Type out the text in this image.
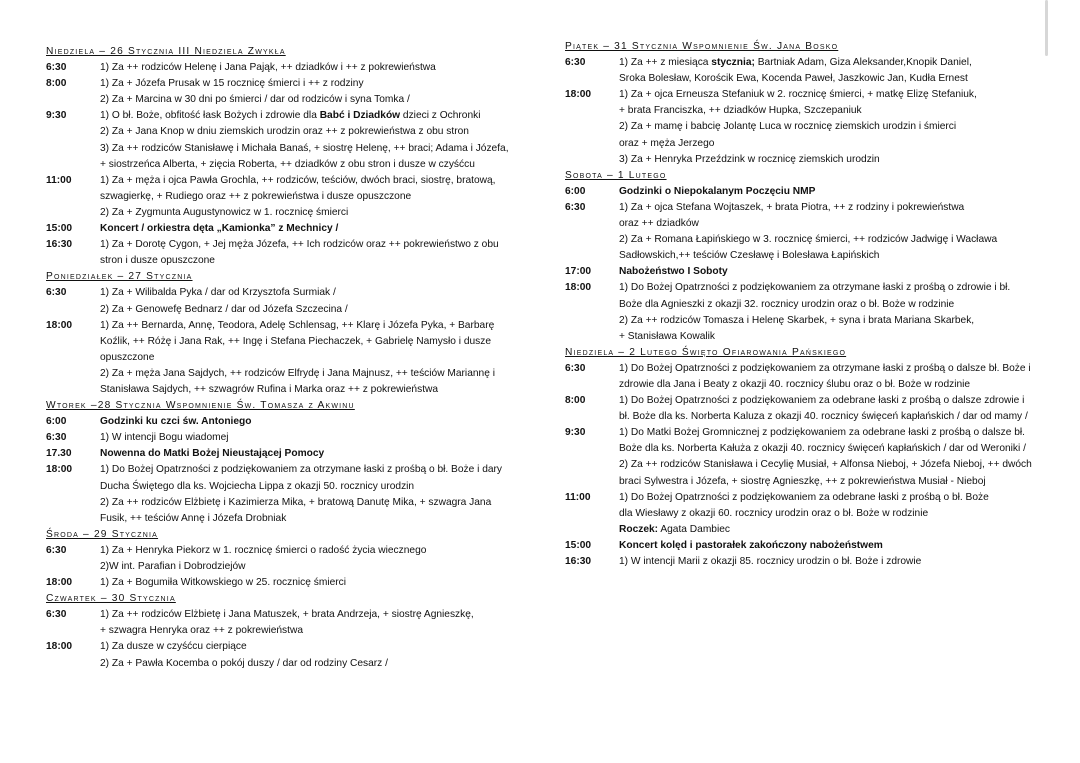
Niedziela – 26 Stycznia III Niedziela Zwykła
6:30	1) Za ++ rodziców Helenę i Jana Pająk, ++ dziadków i ++ z pokrewieństwa
8:00	1) Za + Józefa Prusak w 15 rocznicę śmierci i ++ z rodziny
2) Za + Marcina w 30 dni po śmierci / dar od rodziców i syna Tomka /
9:30	1) O bł. Boże, obfitość łask Bożych i zdrowie dla Babć i Dziadków dzieci z Ochronki
2) Za + Jana Knop w dniu ziemskich urodzin oraz ++ z pokrewieństwa z obu stron
3) Za ++ rodziców Stanisławę i Michała Banaś, + siostrę Helenę, ++ braci; Adama i Józefa,
+ siostrzeńca Alberta, + zięcia Roberta, ++ dziadków z obu stron i dusze w czyśćcu
11:00	1) Za + męża i ojca Pawła Grochla, ++ rodziców, teściów, dwóch braci, siostrę, bratową,
szwagierkę, + Rudiego oraz ++ z pokrewieństwa i dusze opuszczone
2) Za + Zygmunta Augustynowicz w 1. rocznicę śmierci
15:00	Koncert / orkiestra dęta „Kamionka” z Mechnicy /
16:30	1) Za + Dorotę Cygon, + Jej męża Józefa, ++ Ich rodziców oraz ++ pokrewieństwo z obu
stron i dusze opuszczone
Poniedziałek – 27 Stycznia
6:30	1) Za + Wilibalda Pyka / dar od Krzysztofa Surmiak /
2) Za + Genowefę Bednarz / dar od Józefa Szczecina /
18:00	1) Za ++ Bernarda, Annę, Teodora, Adelę Schlensag, ++ Klarę i Józefa Pyka, + Barbarę
Koźlik, ++ Różę i Jana Rak, ++ Ingę i Stefana Piechaczek, + Gabrielę Namysło i dusze
opuszczone
2) Za + męża Jana Sajdych, ++ rodziców Elfrydę i Jana Majnusz, ++ teściów Mariannę i
Stanisława Sajdych, ++ szwagrów Rufina i Marka oraz ++ z pokrewieństwa
Wtorek –28 Stycznia Wspomnienie Św. Tomasza z Akwinu
6:00	Godzinki ku czci św. Antoniego
6:30	1) W intencji Bogu wiadomej
17.30	Nowenna do Matki Bożej Nieustającej Pomocy
18:00	1) Do Bożej Opatrzności z podziękowaniem za otrzymane łaski z prośbą o bł. Boże i dary
Ducha Świętego dla ks. Wojciecha Lippa z okazji 50. rocznicy urodzin
2) Za ++ rodziców Elżbietę i Kazimierza Mika, + bratową Danutę Mika, + szwagra Jana
Fusik, ++ teściów Annę i Józefa Drobniak
Środa – 29 Stycznia
6:30	1) Za + Henryka Piekorz w 1. rocznicę śmierci o radość życia wiecznego
2)W int. Parafian i Dobrodziejów
18:00	1) Za + Bogumiła Witkowskiego w 25. rocznicę śmierci
Czwartek – 30 Stycznia
6:30	1) Za ++ rodziców Elżbietę i Jana Matuszek, + brata Andrzeja, + siostrę Agnieszkę,
+ szwagra Henryka oraz ++ z pokrewieństwa
18:00	1) Za dusze w czyśćcu cierpiące
2) Za + Pawła Kocemba o pokój duszy / dar od rodziny Cesarz /
Piątek – 31 Stycznia Wspomnienie Św. Jana Bosko
6:30	1) Za ++ z miesiąca stycznia; Bartniak Adam, Giza Aleksander,Knopik Daniel,
Sroka Bolesław, Korościk Ewa, Kocenda Paweł, Jaszkowic Jan, Kudła Ernest
18:00	1) Za + ojca Erneusza Stefaniuk w 2. rocznicę śmierci, + matkę Elizę Stefaniuk,
+ brata Franciszka, ++ dziadków Hupka, Szczepaniuk
2) Za + mamę i babcię Jolantę Luca w rocznicę ziemskich urodzin i śmierci
oraz + męża Jerzego
3) Za + Henryka Przeździnk w rocznicę ziemskich urodzin
Sobota – 1 Lutego
6:00	Godzinki o Niepokalanym Poczęciu NMP
6:30	1) Za + ojca Stefana Wojtaszek, + brata Piotra, ++ z rodziny i pokrewieństwa
oraz ++ dziadków
2) Za + Romana Łapińskiego w 3. rocznicę śmierci, ++ rodziców Jadwigę i Wacława
Sadłowskich,++ teściów Czesławę i Bolesława Łapińskich
17:00	Nabożeństwo I Soboty
18:00	1) Do Bożej Opatrzności z podziękowaniem za otrzymane łaski z prośbą o zdrowie i bł.
Boże dla Agnieszki z okazji 32. rocznicy urodzin oraz o bł. Boże w rodzinie
2) Za ++ rodziców Tomasza i Helenę Skarbek, + syna i brata Mariana Skarbek,
+ Stanisława Kowalik
Niedziela – 2 Lutego Święto Ofiarowania Pańskiego
6:30	1) Do Bożej Opatrzności z podziękowaniem za otrzymane łaski z prośbą o dalsze bł. Boże i
zdrowie dla Jana i Beaty z okazji 40. rocznicy ślubu oraz o bł. Boże w rodzinie
8:00	1) Do Bożej Opatrzności z podziękowaniem za odebrane łaski z prośbą o dalsze zdrowie i
bł. Boże dla ks. Norberta Kaluza z okazji 40. rocznicy święceń kapłańskich / dar od mamy /
9:30	1) Do Matki Bożej Gromnicznej z podziękowaniem za odebrane łaski z prośbą o dalsze bł.
Boże dla ks. Norberta Kałuża z okazji 40. rocznicy święceń kapłańskich / dar od Weroniki /
2) Za ++ rodziców Stanisława i Cecylię Musiał, + Alfonsa Nieboj, + Józefa Nieboj, ++ dwóch
braci Sylwestra i Józefa, + siostrę Agnieszkę, ++ z pokrewieństwa Musiał - Nieboj
11:00	1) Do Bożej Opatrzności z podziękowaniem za odebrane łaski z prośbą o bł. Boże
dla Wiesławy z okazji 60. rocznicy urodzin oraz o bł. Boże w rodzinie
Roczek: Agata Dambiec
15:00	Koncert kolęd i pastorałek zakończony nabożeństwem
16:30	1) W intencji Marii z okazji 85. rocznicy urodzin o bł. Boże i zdrowie
